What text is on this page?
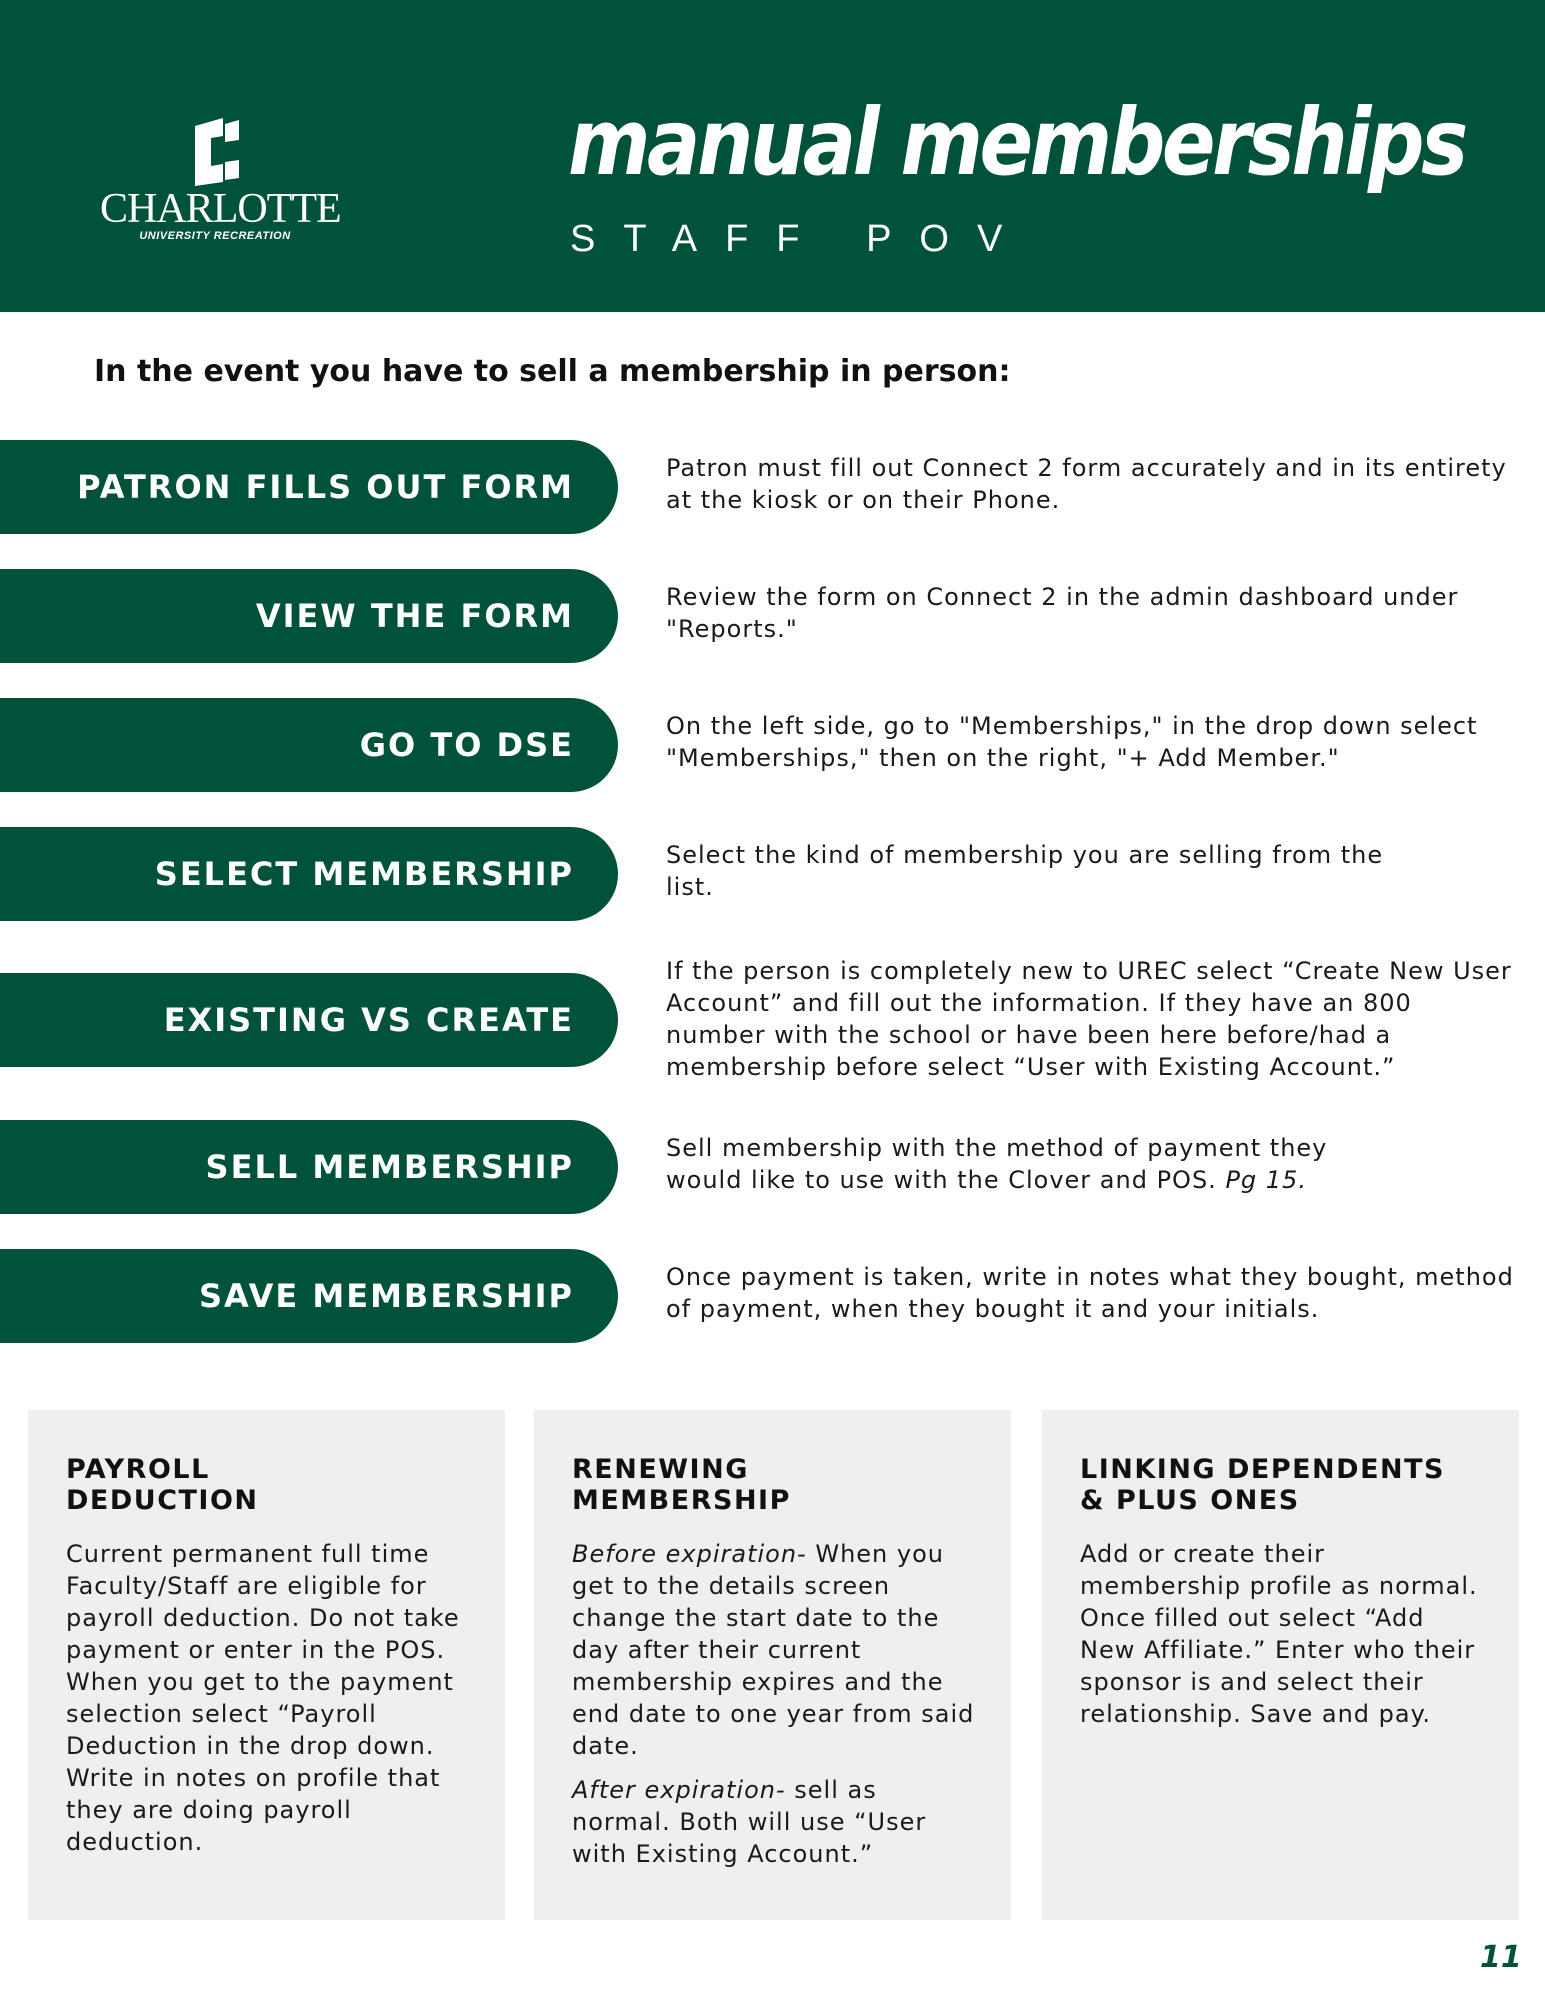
CHARLOTTE
UNIVERSITY RECREATION
manual memberships
STAFF POV

In the event you have to sell a membership in person:

PATRON FILLS OUT FORM	Patron must fill out Connect 2 form accurately and in its entirety at the kiosk or on their Phone.
VIEW THE FORM	Review the form on Connect 2 in the admin dashboard under "Reports."
GO TO DSE	On the left side, go to "Memberships," in the drop down select "Memberships," then on the right, "+ Add Member."
SELECT MEMBERSHIP	Select the kind of membership you are selling from the list.
EXISTING VS CREATE
If the person is completely new to UREC select “Create New User Account” and fill out the information. If they have an 800 number with the school or have been here before/had a membership before select “User with Existing Account.”
SELL MEMBERSHIP	Sell membership with the method of payment they would like to use with the Clover and POS. Pg 15.
SAVE MEMBERSHIP	Once payment is taken, write in notes what they bought, method of payment, when they bought it and your initials.
PAYROLL
DEDUCTION

Current permanent full time Faculty/Staff are eligible for payroll deduction. Do not take payment or enter in the POS. When you get to the payment selection select “Payroll Deduction in the drop down. Write in notes on profile that they are doing payroll deduction.

RENEWING
MEMBERSHIP

Before expiration- When you get to the details screen change the start date to the day after their current membership expires and the end date to one year from said date.

After expiration- sell as normal. Both will use “User with Existing Account.”

LINKING DEPENDENTS
& PLUS ONES

Add or create their membership profile as normal. Once filled out select “Add New Affiliate.” Enter who their sponsor is and select their relationship. Save and pay.

11
